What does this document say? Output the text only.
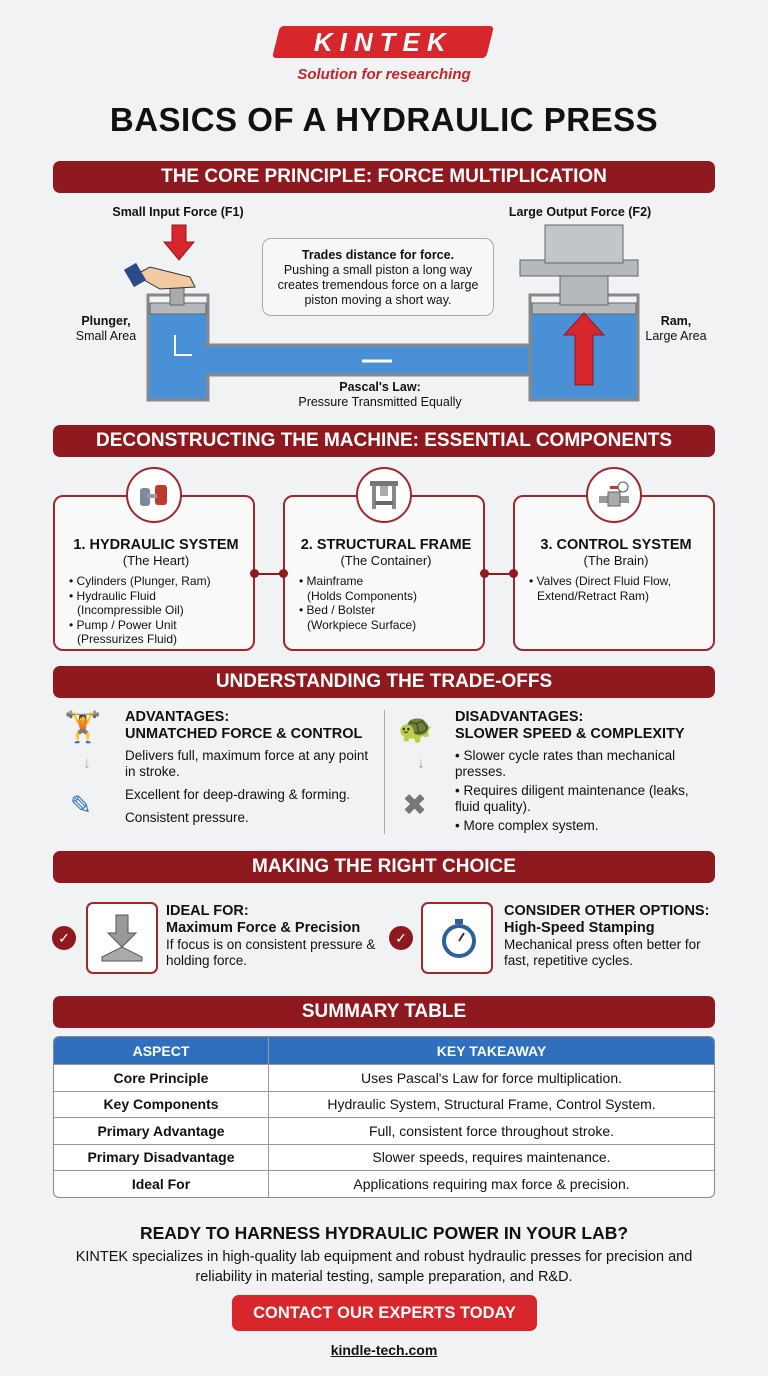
KINTEK
Solution for researching
BASICS OF A HYDRAULIC PRESS
THE CORE PRINCIPLE: FORCE MULTIPLICATION
Small Input Force (F1)	Large Output Force (F2)
Plunger,
Small Area
Ram,
Large Area
Trades distance for force.
Pushing a small piston a long way creates tremendous force on a large piston moving a short way.
Pascal's Law:
Pressure Transmitted Equally
DECONSTRUCTING THE MACHINE: ESSENTIAL COMPONENTS
1. HYDRAULIC SYSTEM
(The Heart)
• Cylinders (Plunger, Ram)
• Hydraulic Fluid
(Incompressible Oil)
• Pump / Power Unit
(Pressurizes Fluid)
2. STRUCTURAL FRAME
(The Container)
• Mainframe
(Holds Components)
• Bed / Bolster
(Workpiece Surface)
3. CONTROL SYSTEM
(The Brain)
• Valves (Direct Fluid Flow,
Extend/Retract Ram)
UNDERSTANDING THE TRADE-OFFS
🏋
↓
✎
ADVANTAGES:
UNMATCHED FORCE & CONTROL
Delivers full, maximum force at any point in stroke.
Excellent for deep-drawing & forming.
Consistent pressure.
🐢
↓
✖
DISADVANTAGES:
SLOWER SPEED & COMPLEXITY
• Slower cycle rates than mechanical presses.
• Requires diligent maintenance (leaks, fluid quality).
• More complex system.
MAKING THE RIGHT CHOICE
✓
IDEAL FOR:
Maximum Force & Precision
If focus is on consistent pressure & holding force.
✓
CONSIDER OTHER OPTIONS:
High-Speed Stamping
Mechanical press often better for fast, repetitive cycles.
SUMMARY TABLE
ASPECT	KEY TAKEAWAY
Core Principle	Uses Pascal's Law for force multiplication.
Key Components	Hydraulic System, Structural Frame, Control System.
Primary Advantage	Full, consistent force throughout stroke.
Primary Disadvantage	Slower speeds, requires maintenance.
Ideal For	Applications requiring max force & precision.
READY TO HARNESS HYDRAULIC POWER IN YOUR LAB?
KINTEK specializes in high-quality lab equipment and robust hydraulic presses for precision and reliability in material testing, sample preparation, and R&D.
CONTACT OUR EXPERTS TODAY
kindle-tech.com
